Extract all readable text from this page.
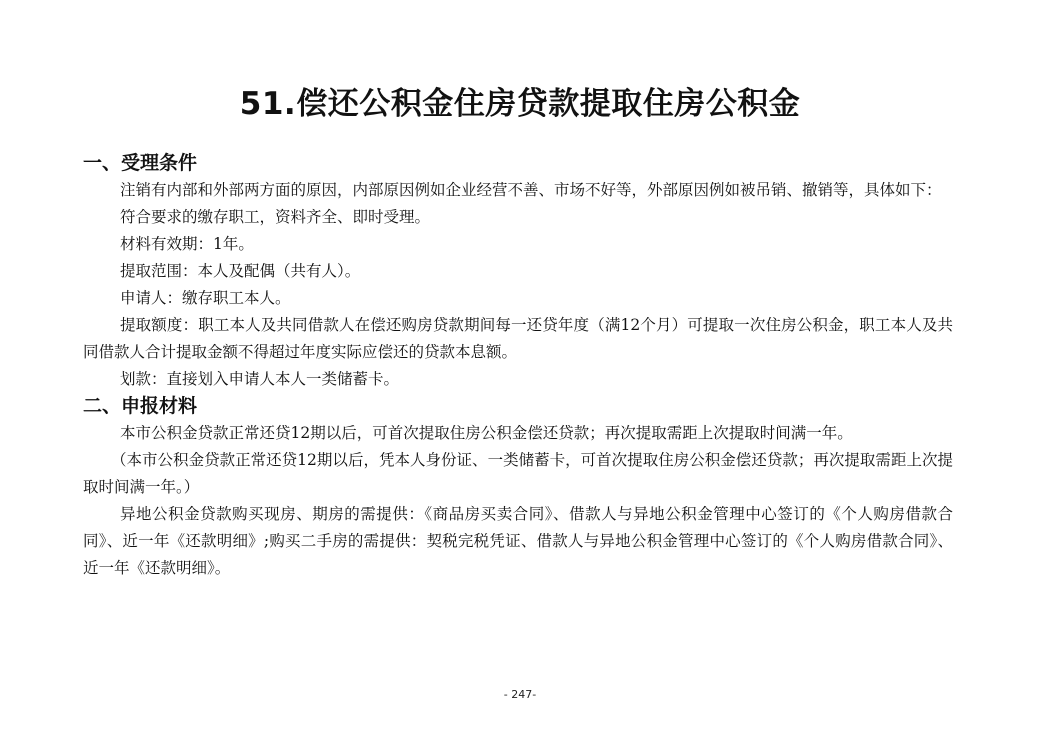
51.偿还公积金住房贷款提取住房公积金

一、受理条件

注销有内部和外部两方面的原因，内部原因例如企业经营不善、市场不好等，外部原因例如被吊销、撤销等，具体如下：

符合要求的缴存职工，资料齐全、即时受理。

材料有效期：1年。

提取范围：本人及配偶（共有人）。

申请人：缴存职工本人。

提取额度：职工本人及共同借款人在偿还购房贷款期间每一还贷年度（满12个月）可提取一次住房公积金，职工本人及共同借款人合计提取金额不得超过年度实际应偿还的贷款本息额。

划款：直接划入申请人本人一类储蓄卡。

二、申报材料

本市公积金贷款正常还贷12期以后，可首次提取住房公积金偿还贷款；再次提取需距上次提取时间满一年。

（本市公积金贷款正常还贷12期以后，凭本人身份证、一类储蓄卡，可首次提取住房公积金偿还贷款；再次提取需距上次提取时间满一年。）

异地公积金贷款购买现房、期房的需提供：《商品房买卖合同》、借款人与异地公积金管理中心签订的《个人购房借款合同》、近一年《还款明细》;购买二手房的需提供：契税完税凭证、借款人与异地公积金管理中心签订的《个人购房借款合同》、近一年《还款明细》。

- 247-
